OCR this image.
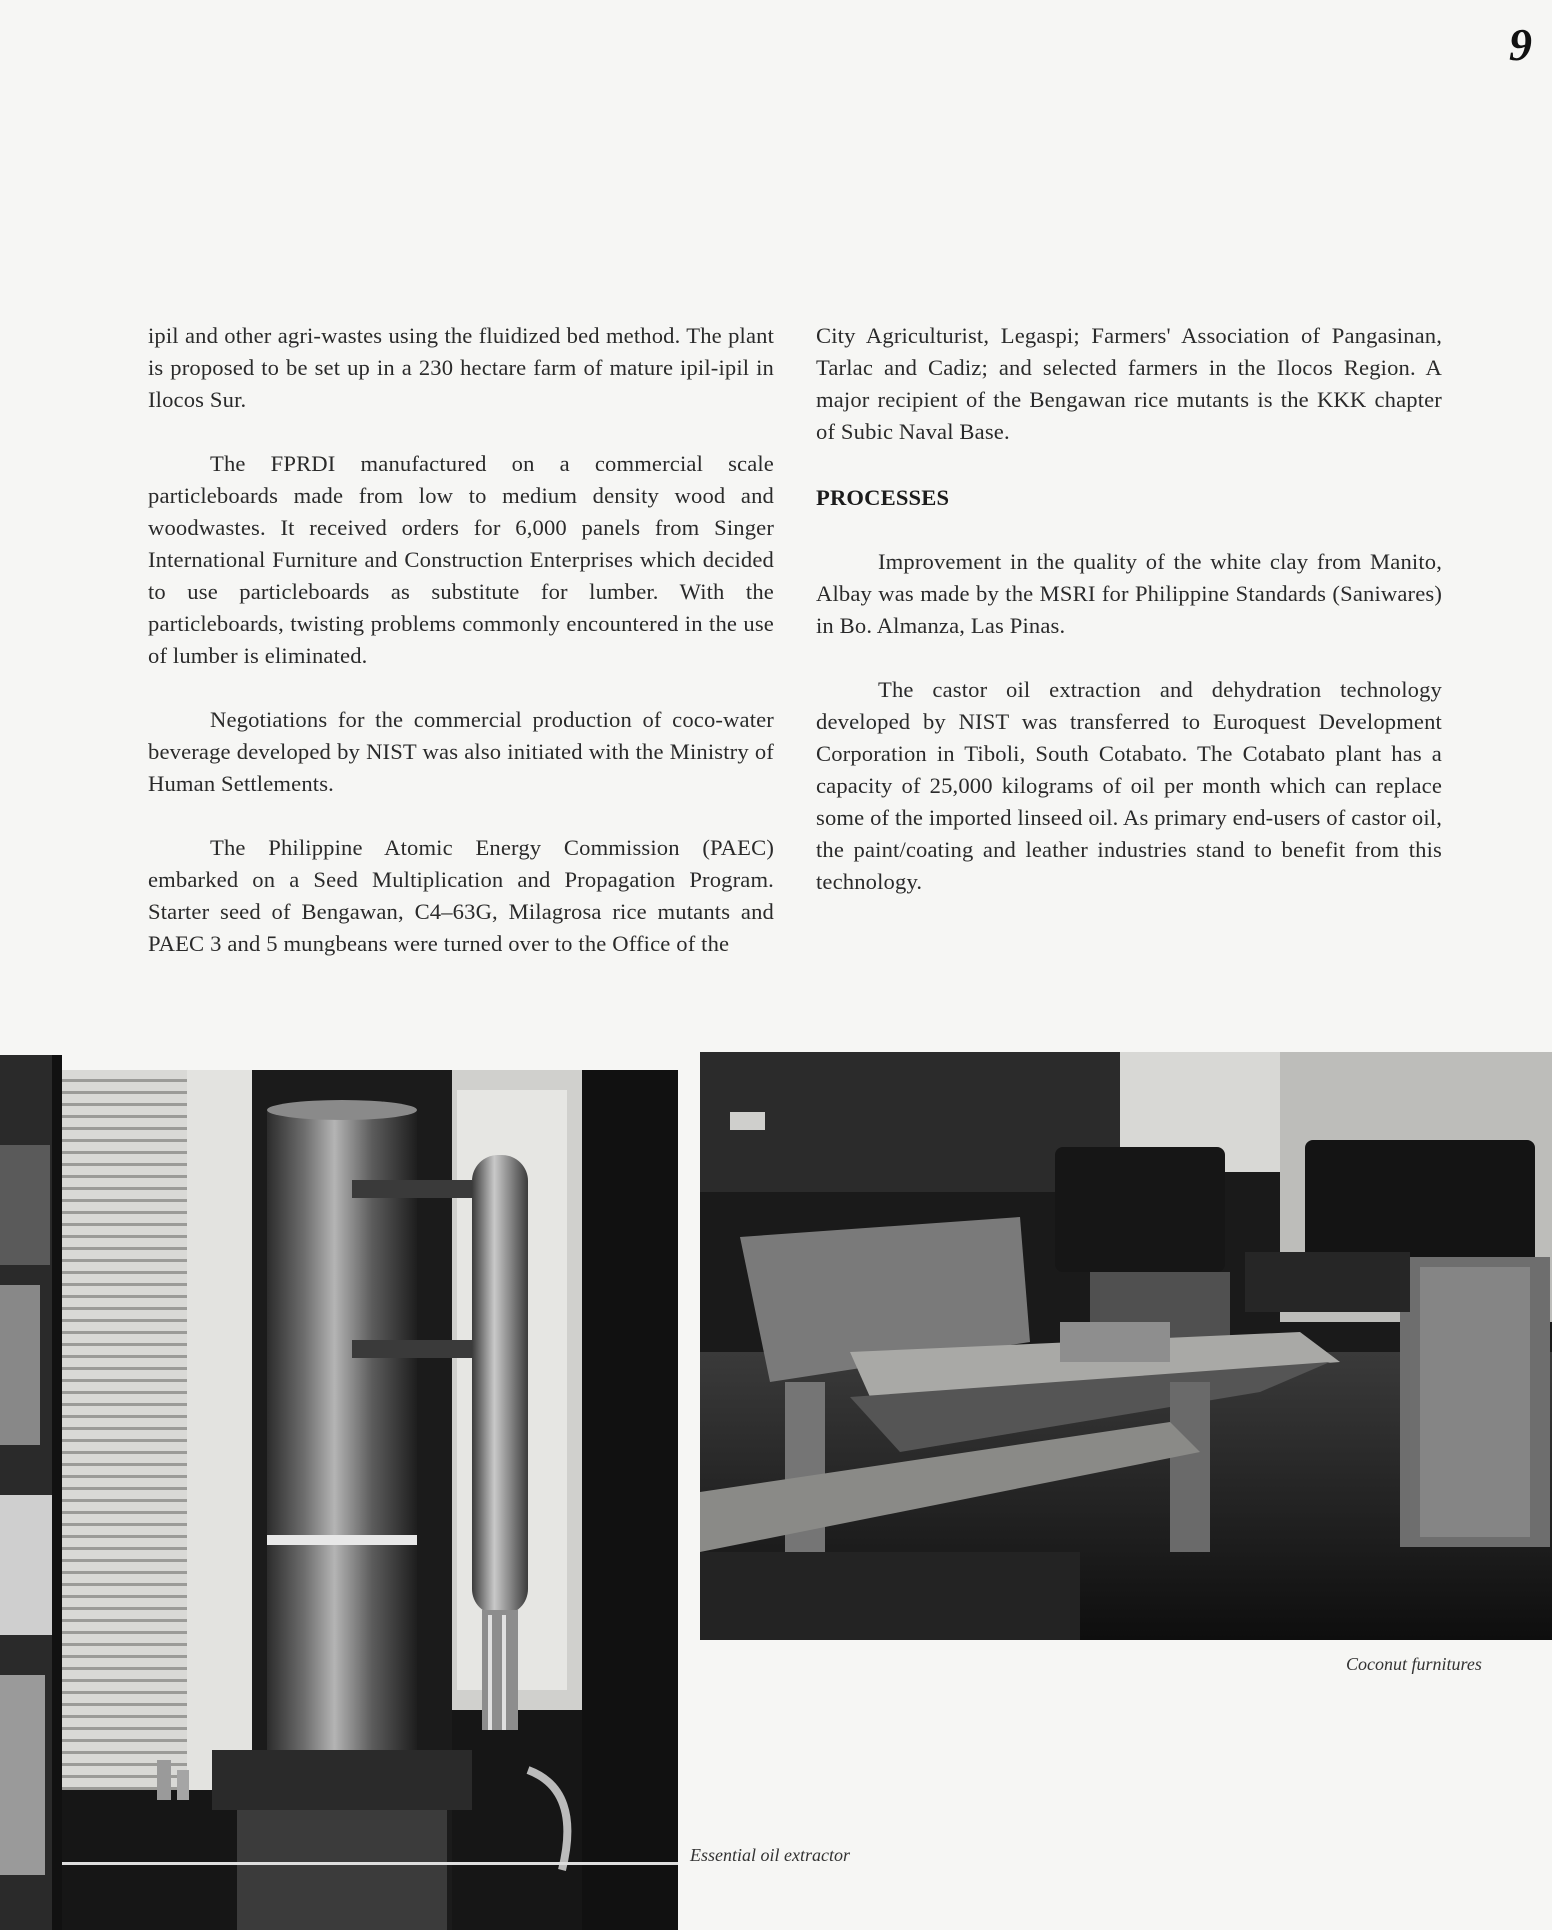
9

ipil and other agri-wastes using the fluidized bed method. The plant is proposed to be set up in a 230 hectare farm of mature ipil-ipil in Ilocos Sur.

The FPRDI manufactured on a commercial scale particleboards made from low to medium density wood and woodwastes. It received orders for 6,000 panels from Singer International Furniture and Construction Enterprises which decided to use particleboards as substitute for lumber. With the particleboards, twisting problems commonly encountered in the use of lumber is eliminated.

Negotiations for the commercial production of coco-water beverage developed by NIST was also initiated with the Ministry of Human Settlements.

The Philippine Atomic Energy Commission (PAEC) embarked on a Seed Multiplication and Propagation Program. Starter seed of Bengawan, C4–63G, Milagrosa rice mutants and PAEC 3 and 5 mungbeans were turned over to the Office of the

City Agriculturist, Legaspi; Farmers' Association of Pangasinan, Tarlac and Cadiz; and selected farmers in the Ilocos Region. A major recipient of the Bengawan rice mutants is the KKK chapter of Subic Naval Base.

PROCESSES

Improvement in the quality of the white clay from Manito, Albay was made by the MSRI for Philippine Standards (Saniwares) in Bo. Almanza, Las Pinas.

The castor oil extraction and dehydration technology developed by NIST was transferred to Euroquest Development Corporation in Tiboli, South Cotabato. The Cotabato plant has a capacity of 25,000 kilograms of oil per month which can replace some of the imported linseed oil. As primary end-users of castor oil, the paint/coating and leather industries stand to benefit from this technology.

Essential oil extractor
Coconut furnitures
